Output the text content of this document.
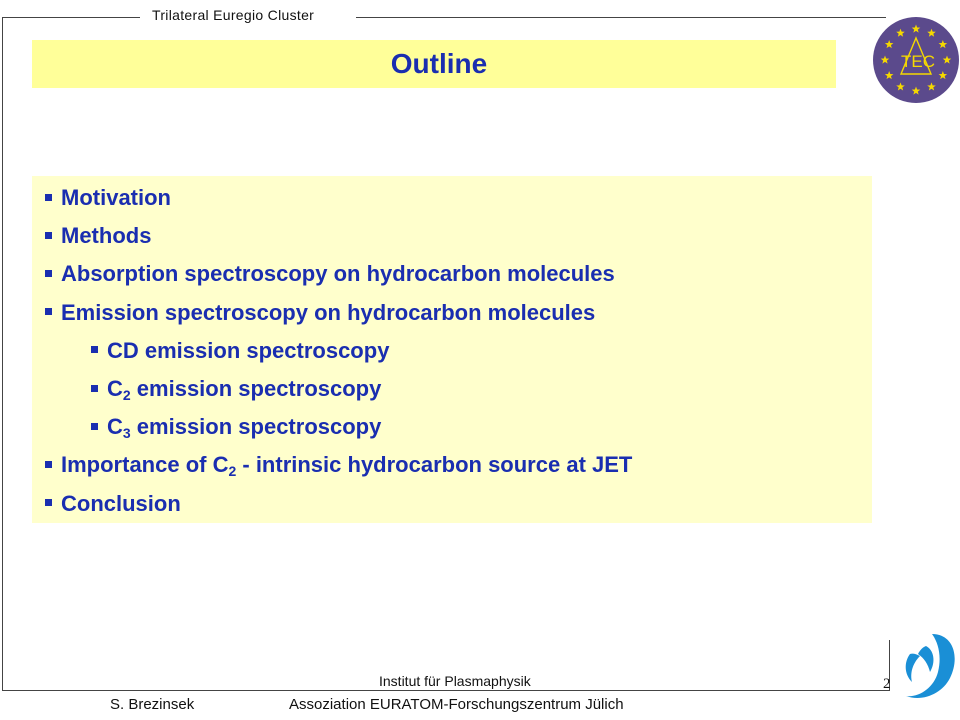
Trilateral Euregio Cluster
Outline	TEC
Motivation
Methods
Absorption spectroscopy on hydrocarbon molecules
Emission spectroscopy on hydrocarbon molecules
CD emission spectroscopy
$C_2$ emission spectroscopy
$C_3$ emission spectroscopy
Importance of $C_2$ - intrinsic hydrocarbon source at JET
Conclusion
Institut für Plasmaphysik
S. Brezinsek	Assoziation EURATOM-Forschungszentrum Jülich
2
